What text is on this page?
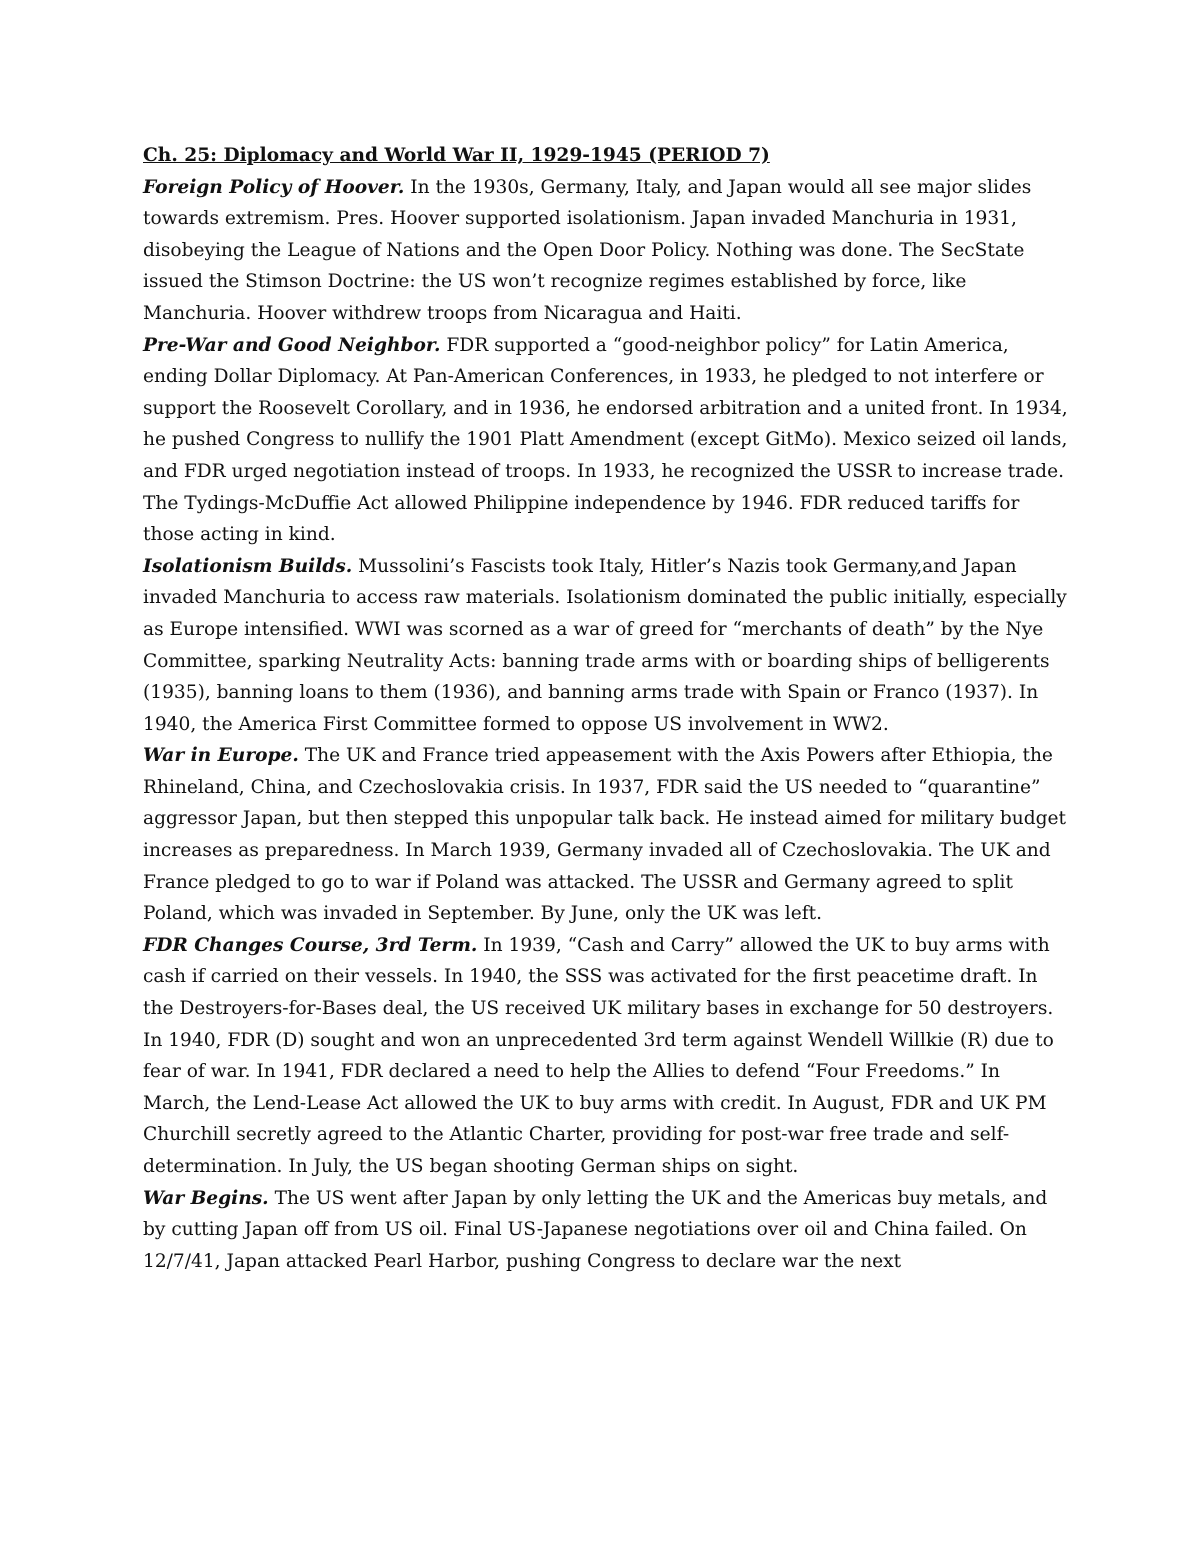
Ch. 25: Diplomacy and World War II, 1929-1945 (PERIOD 7)

Foreign Policy of Hoover. In the 1930s, Germany, Italy, and Japan would all see major slides towards extremism. Pres. Hoover supported isolationism. Japan invaded Manchuria in 1931, disobeying the League of Nations and the Open Door Policy. Nothing was done. The SecState issued the Stimson Doctrine: the US won’t recognize regimes established by force, like Manchuria. Hoover withdrew troops from Nicaragua and Haiti.

Pre-War and Good Neighbor. FDR supported a “good-neighbor policy” for Latin America, ending Dollar Diplomacy. At Pan-American Conferences, in 1933, he pledged to not interfere or support the Roosevelt Corollary, and in 1936, he endorsed arbitration and a united front. In 1934, he pushed Congress to nullify the 1901 Platt Amendment (except GitMo). Mexico seized oil lands, and FDR urged negotiation instead of troops. In 1933, he recognized the USSR to increase trade. The Tydings-McDuffie Act allowed Philippine independence by 1946. FDR reduced tariffs for those acting in kind.

Isolationism Builds. Mussolini’s Fascists took Italy, Hitler’s Nazis took Germany,and Japan invaded Manchuria to access raw materials. Isolationism dominated the public initially, especially as Europe intensified. WWI was scorned as a war of greed for “merchants of death” by the Nye Committee, sparking Neutrality Acts: banning trade arms with or boarding ships of belligerents (1935), banning loans to them (1936), and banning arms trade with Spain or Franco (1937). In 1940, the America First Committee formed to oppose US involvement in WW2.

War in Europe. The UK and France tried appeasement with the Axis Powers after Ethiopia, the Rhineland, China, and Czechoslovakia crisis. In 1937, FDR said the US needed to “quarantine” aggressor Japan, but then stepped this unpopular talk back. He instead aimed for military budget increases as preparedness. In March 1939, Germany invaded all of Czechoslovakia. The UK and France pledged to go to war if Poland was attacked. The USSR and Germany agreed to split Poland, which was invaded in September. By June, only the UK was left.

FDR Changes Course, 3rd Term. In 1939, “Cash and Carry” allowed the UK to buy arms with cash if carried on their vessels. In 1940, the SSS was activated for the first peacetime draft. In the Destroyers-for-Bases deal, the US received UK military bases in exchange for 50 destroyers. In 1940, FDR (D) sought and won an unprecedented 3rd term against Wendell Willkie (R) due to fear of war. In 1941, FDR declared a need to help the Allies to defend “Four Freedoms.” In March, the Lend-Lease Act allowed the UK to buy arms with credit. In August, FDR and UK PM Churchill secretly agreed to the Atlantic Charter, providing for post-war free trade and self-determination. In July, the US began shooting German ships on sight.

War Begins. The US went after Japan by only letting the UK and the Americas buy metals, and by cutting Japan off from US oil. Final US-Japanese negotiations over oil and China failed. On 12/7/41, Japan attacked Pearl Harbor, pushing Congress to declare war the next
